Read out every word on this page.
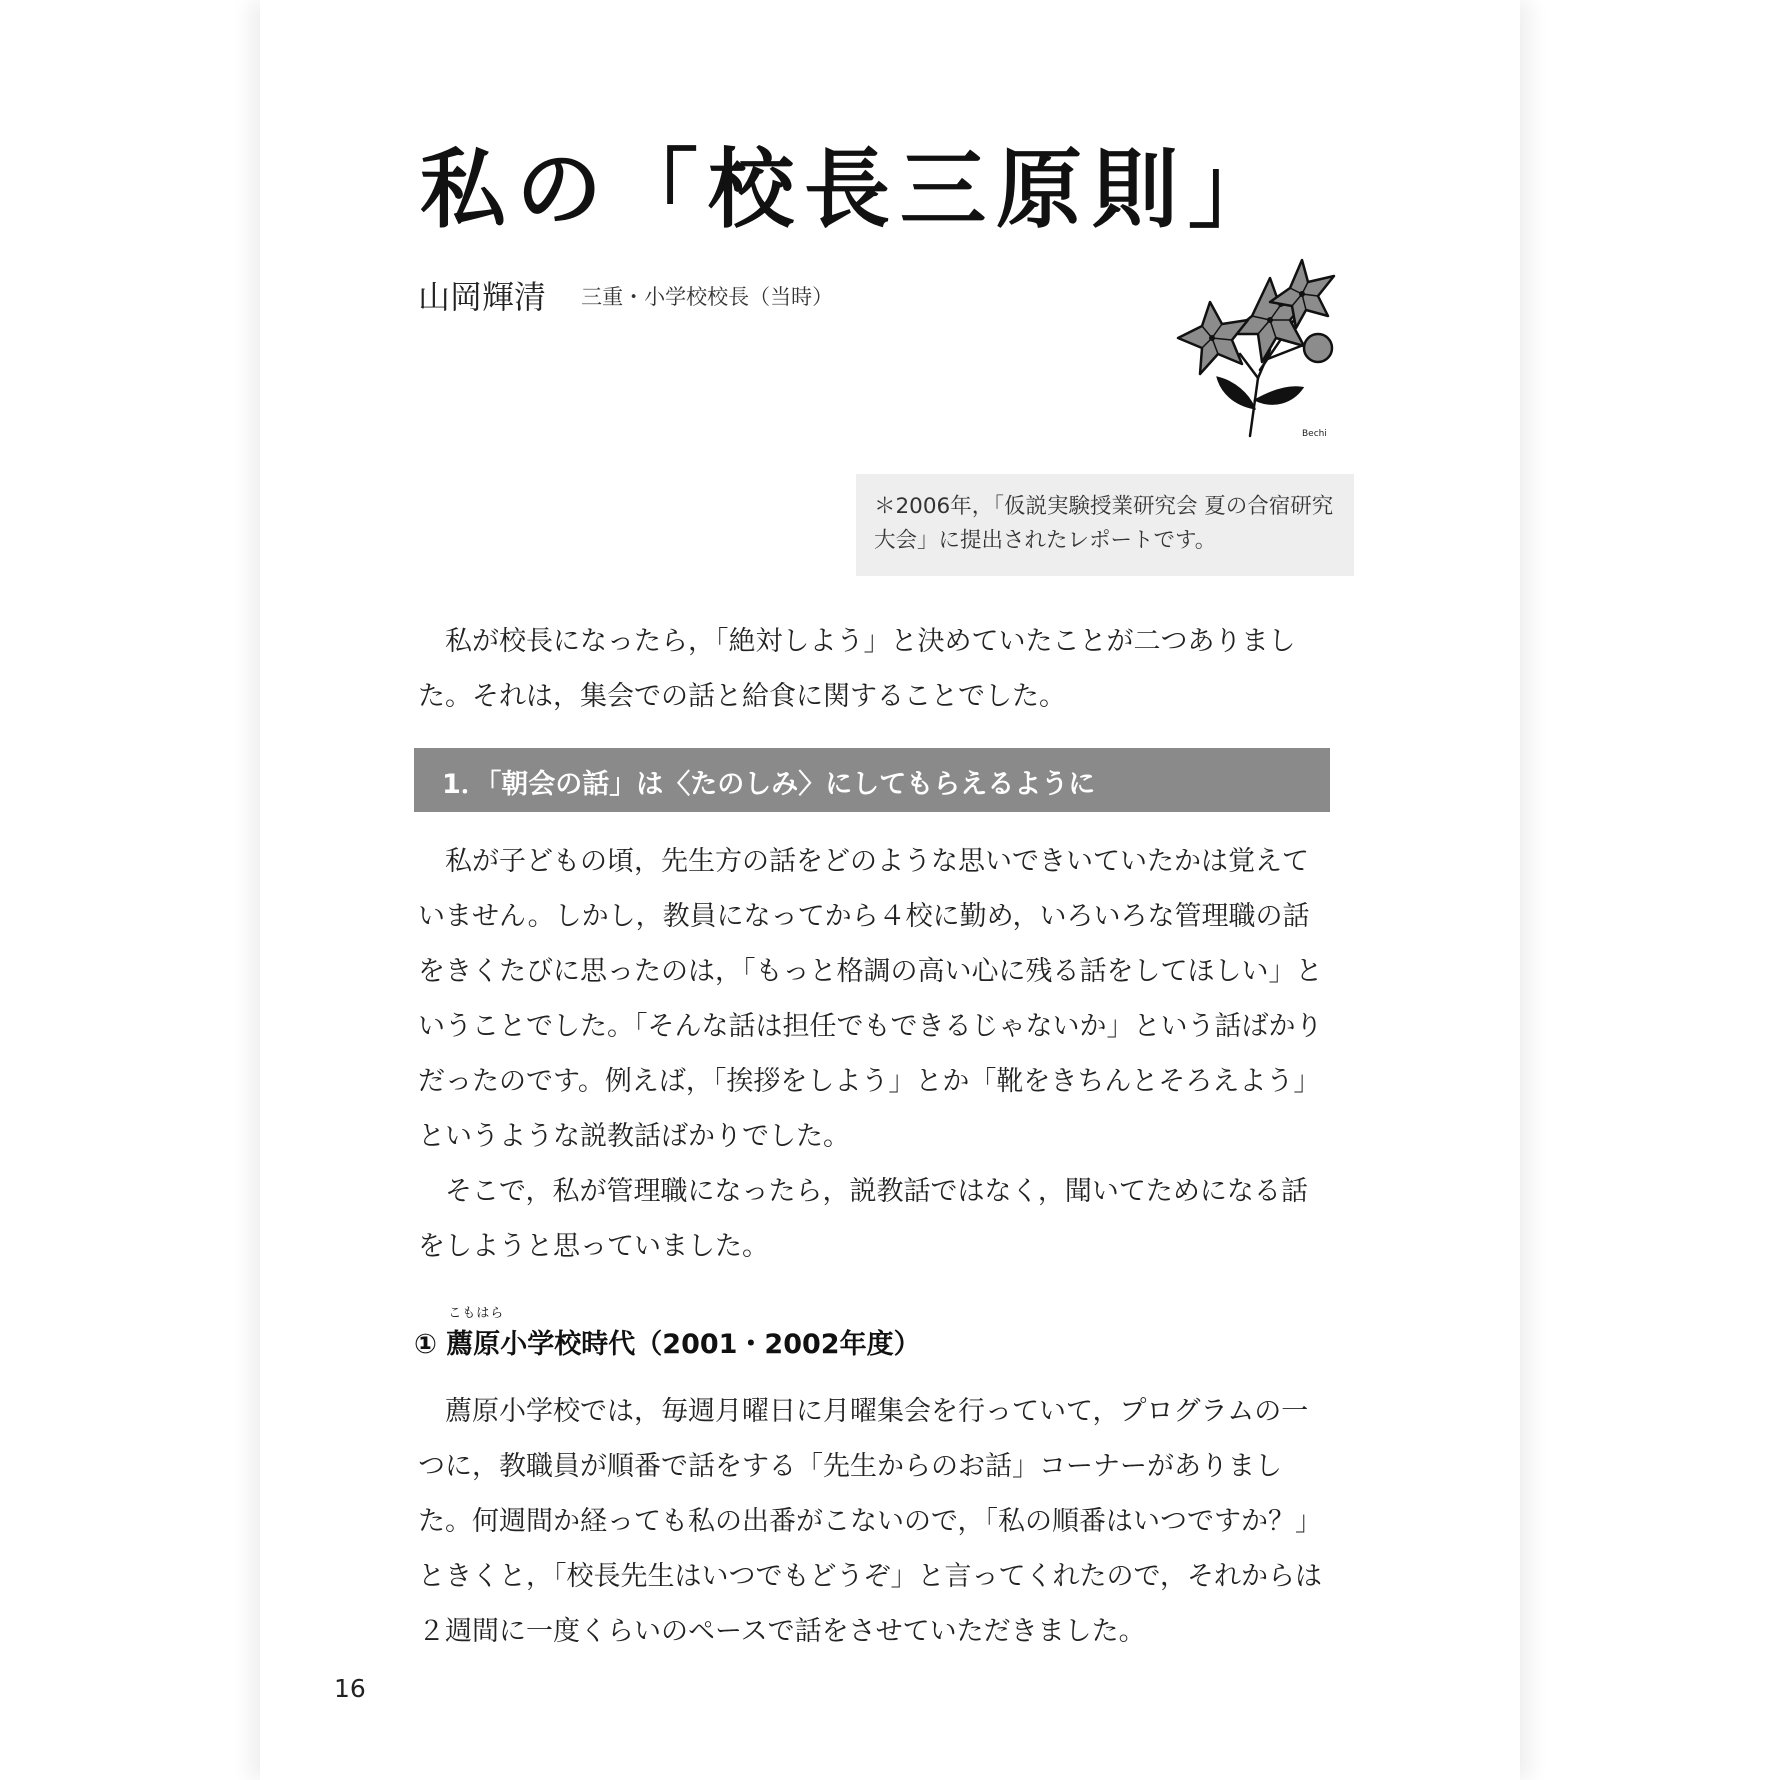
私の「校長三原則」
山岡輝清 三重・小学校校長（当時）
Bechi
＊2006年，「仮説実験授業研究会 夏の合宿研究大会」に提出されたレポートです。

私が校長になったら，「絶対しよう」と決めていたことが二つありました。それは，集会での話と給食に関することでした。

1．「朝会の話」は〈たのしみ〉にしてもらえるように

私が子どもの頃，先生方の話をどのような思いできいていたかは覚えていません。しかし，教員になってから４校に勤め，いろいろな管理職の話をきくたびに思ったのは，「もっと格調の高い心に残る話をしてほしい」ということでした。「そんな話は担任でもできるじゃないか」という話ばかりだったのです。例えば，「挨拶をしよう」とか「靴をきちんとそろえよう」というような説教話ばかりでした。

そこで，私が管理職になったら，説教話ではなく，聞いてためになる話をしようと思っていました。

①
こもはら
薦原小学校時代（2001・2002年度）

薦原小学校では，毎週月曜日に月曜集会を行っていて，プログラムの一つに，教職員が順番で話をする「先生からのお話」コーナーがありました。何週間か経っても私の出番がこないので，「私の順番はいつですか？」ときくと，「校長先生はいつでもどうぞ」と言ってくれたので，それからは２週間に一度くらいのペースで話をさせていただきました。

16
